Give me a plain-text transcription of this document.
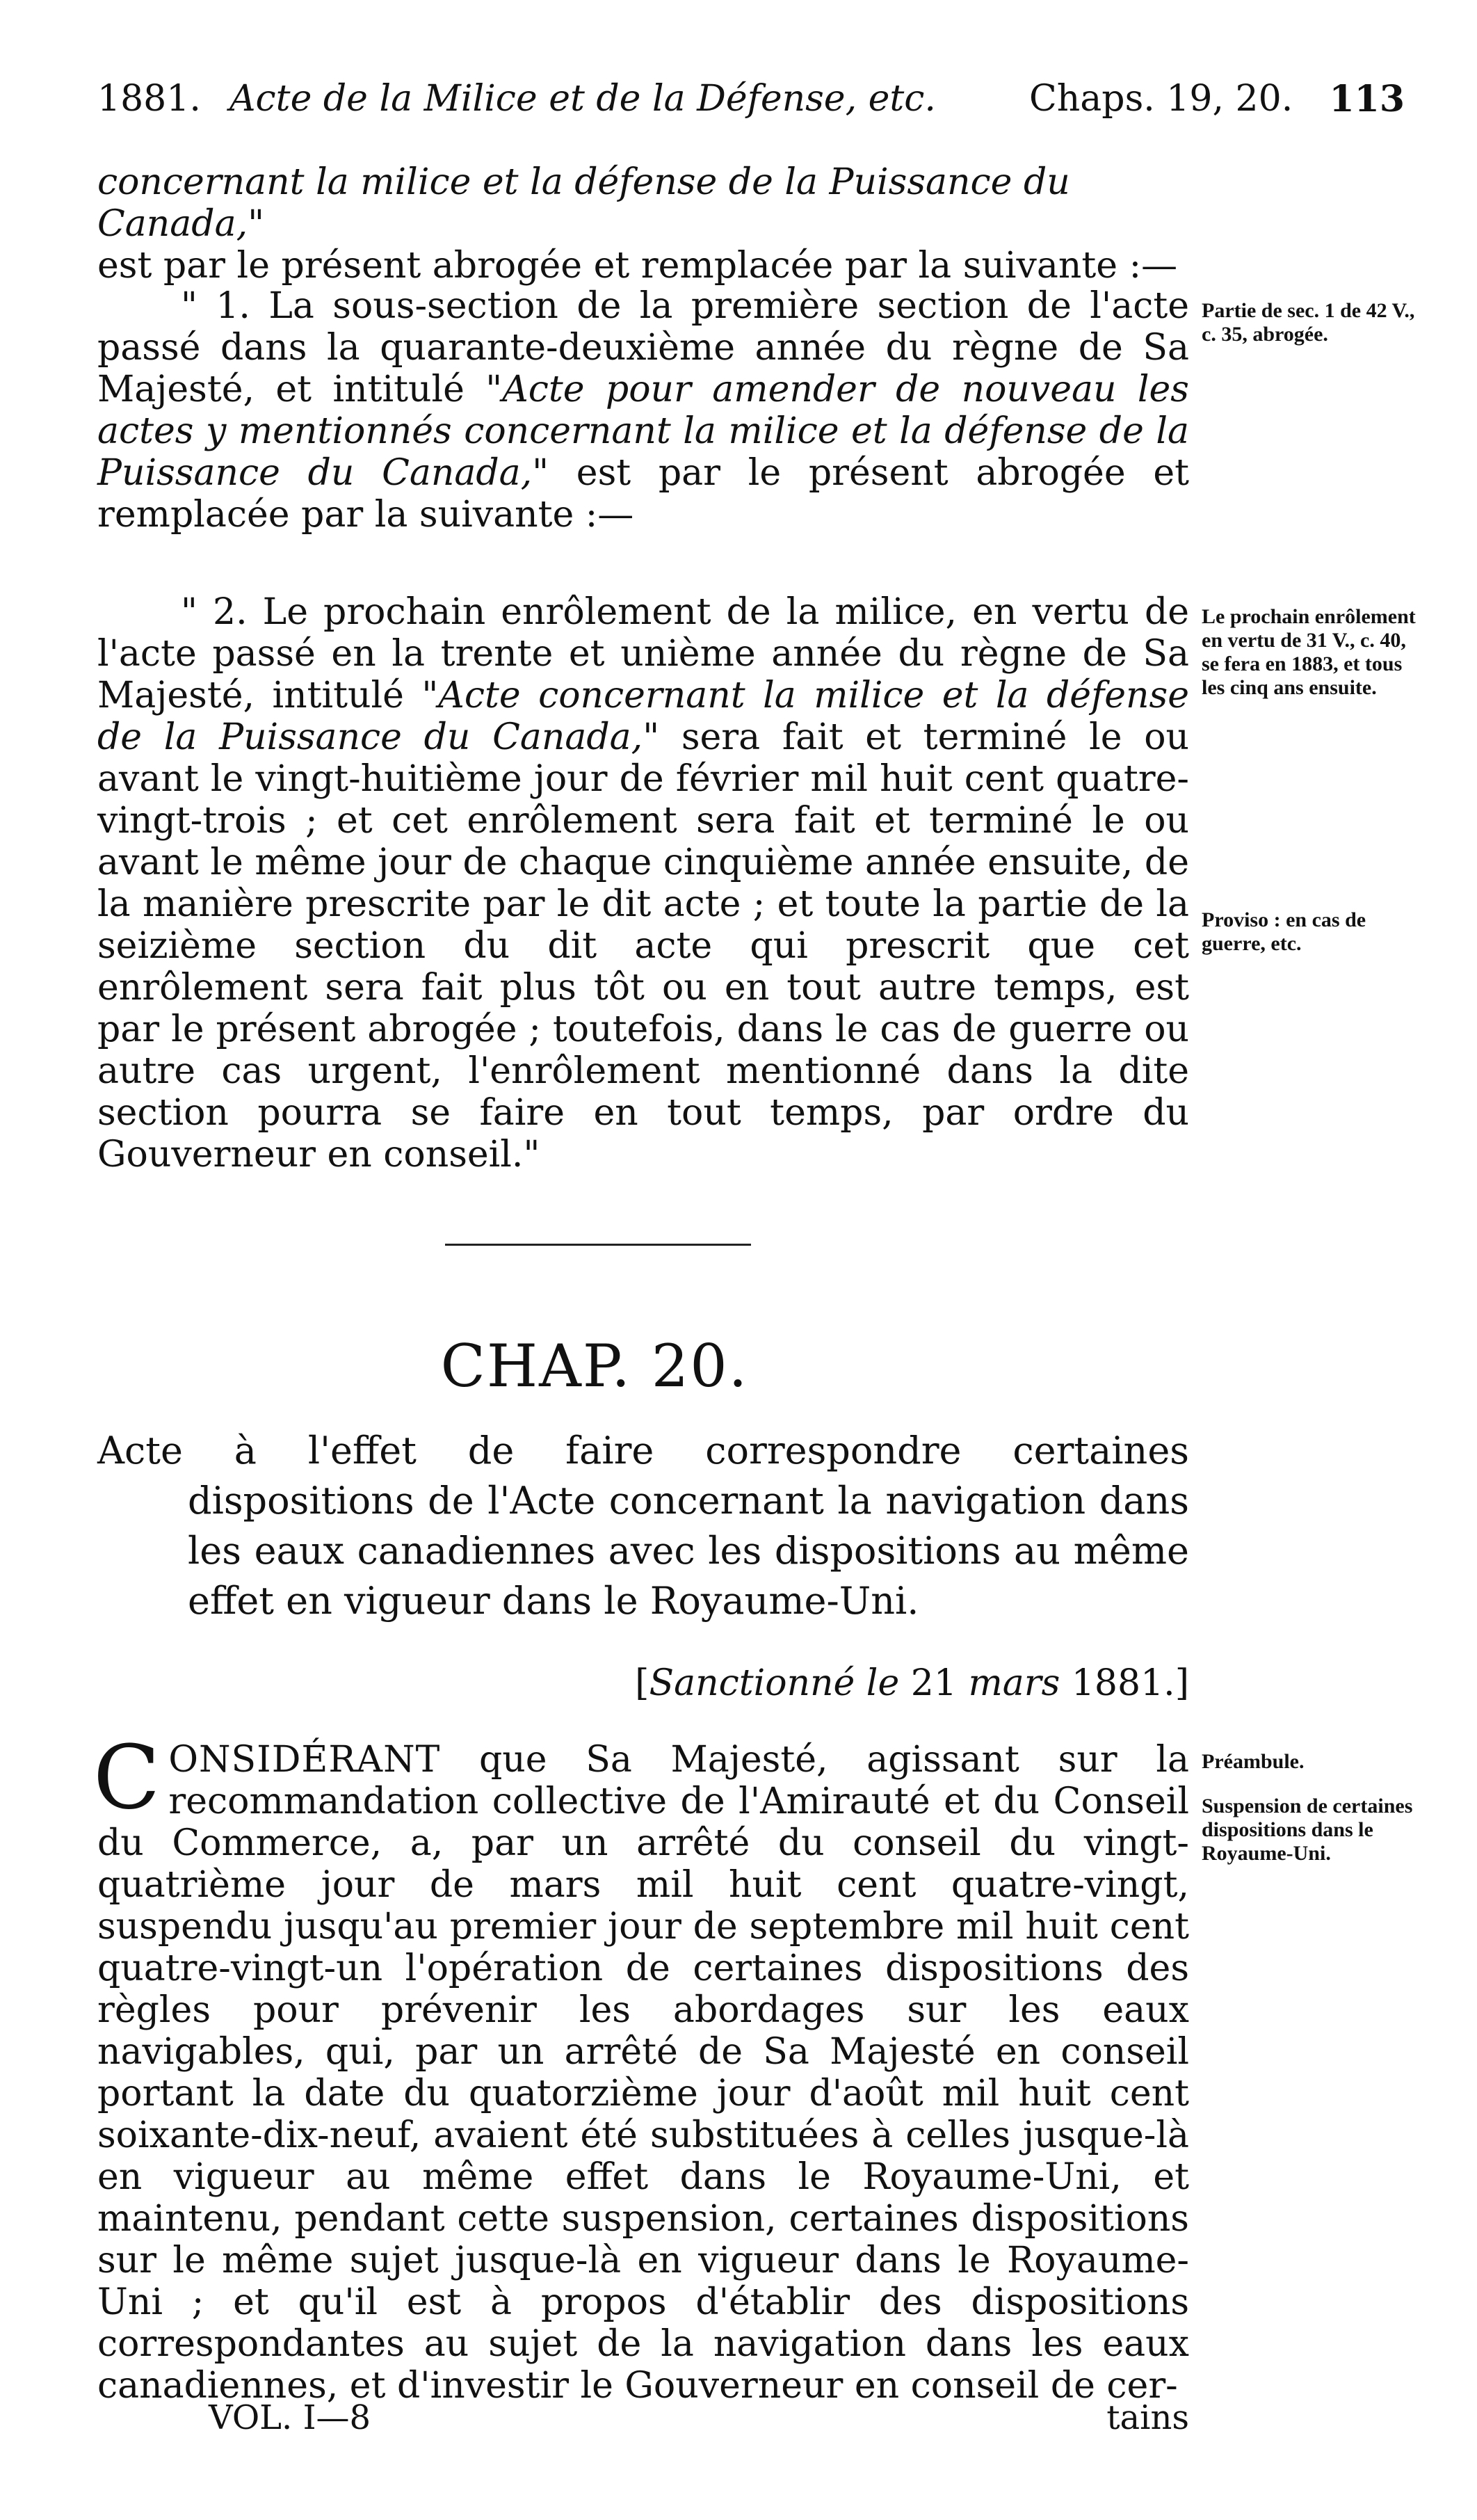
1881. Acte de la Milice et de la Défense, etc.	Chaps. 19, 20. 113

concernant la milice et la défense de la Puissance du Canada,"
est par le présent abrogée et remplacée par la suivante :—

" 1. La sous-section de la première section de l'acte passé dans la quarante-deuxième année du règne de Sa Majesté, et intitulé "Acte pour amender de nouveau les actes y mentionnés concernant la milice et la défense de la Puissance du Canada," est par le présent abrogée et remplacée par la suivante :—

Partie de sec. 1 de 42 V., c. 35, abrogée.

" 2. Le prochain enrôlement de la milice, en vertu de l'acte passé en la trente et unième année du règne de Sa Majesté, intitulé "Acte concernant la milice et la défense de la Puissance du Canada," sera fait et terminé le ou avant le vingt-huitième jour de février mil huit cent quatre-vingt-trois ; et cet enrôlement sera fait et terminé le ou avant le même jour de chaque cinquième année ensuite, de la manière prescrite par le dit acte ; et toute la partie de la seizième section du dit acte qui prescrit que cet enrôlement sera fait plus tôt ou en tout autre temps, est par le présent abrogée ; toutefois, dans le cas de guerre ou autre cas urgent, l'enrôlement mentionné dans la dite section pourra se faire en tout temps, par ordre du Gouverneur en conseil."

Le prochain enrôlement en vertu de 31 V., c. 40, se fera en 1883, et tous les cinq ans ensuite.
Proviso : en cas de guerre, etc.
CHAP. 20.

Acte à l'effet de faire correspondre certaines dispositions de l'Acte concernant la navigation dans les eaux canadiennes avec les dispositions au même effet en vigueur dans le Royaume-Uni.

[Sanctionné le 21 mars 1881.]

CONSIDÉRANT que Sa Majesté, agissant sur la recommandation collective de l'Amirauté et du Conseil du Commerce, a, par un arrêté du conseil du vingt-quatrième jour de mars mil huit cent quatre-vingt, suspendu jusqu'au premier jour de septembre mil huit cent quatre-vingt-un l'opération de certaines dispositions des règles pour prévenir les abordages sur les eaux navigables, qui, par un arrêté de Sa Majesté en conseil portant la date du quatorzième jour d'août mil huit cent soixante-dix-neuf, avaient été substituées à celles jusque-là en vigueur au même effet dans le Royaume-Uni, et maintenu, pendant cette suspension, certaines dispositions sur le même sujet jusque-là en vigueur dans le Royaume-Uni ; et qu'il est à propos d'établir des dispositions correspondantes au sujet de la navigation dans les eaux canadiennes, et d'investir le Gouverneur en conseil de cer-

Préambule.
Suspension de certaines dispositions dans le Royaume-Uni.
VOL. I—8	tains
